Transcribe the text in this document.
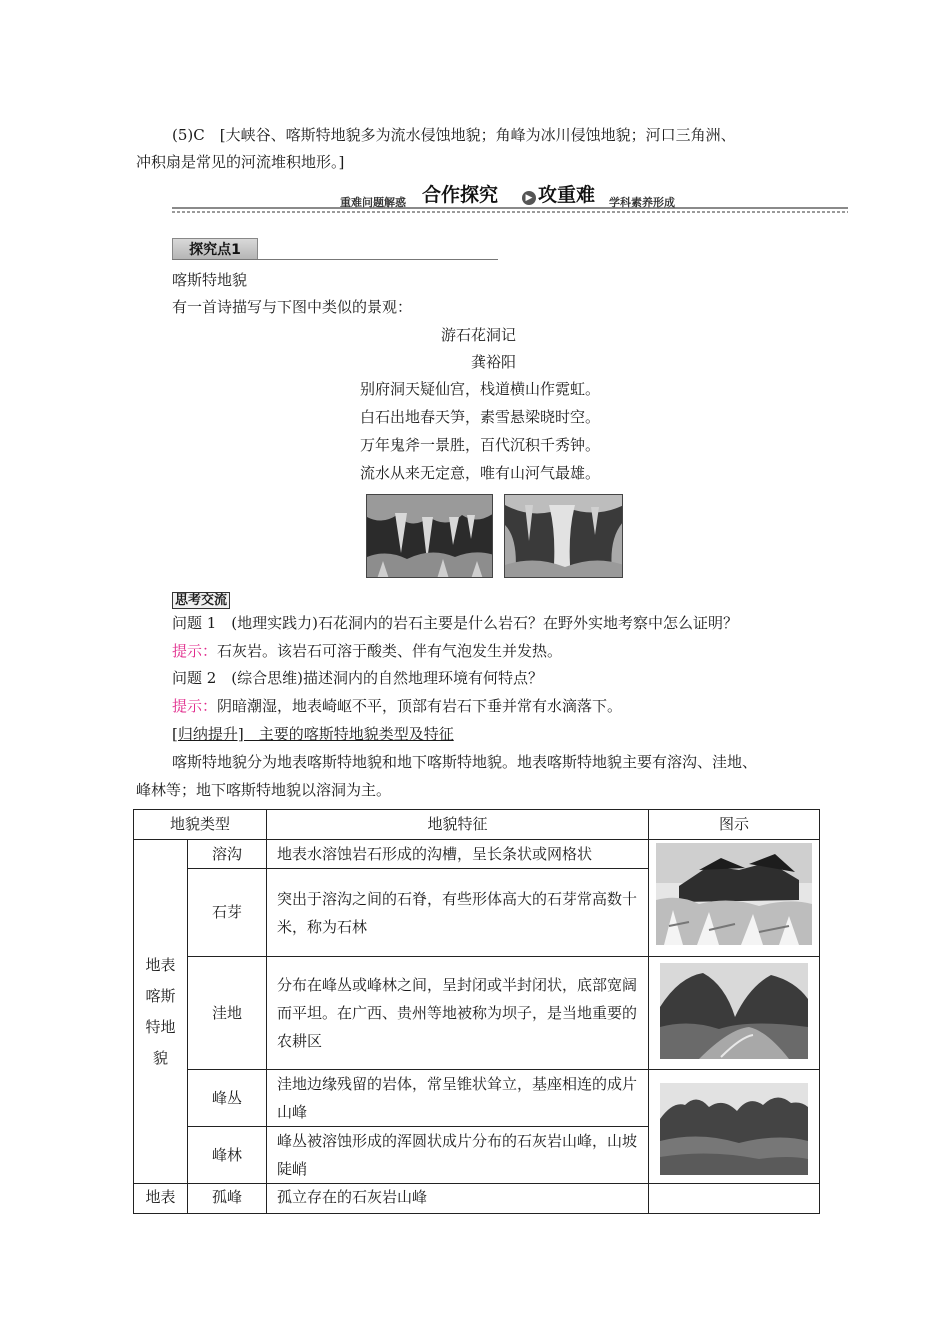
(5)C　[大峡谷、喀斯特地貌多为流水侵蚀地貌；角峰为冰川侵蚀地貌；河口三角洲、
冲积扇是常见的河流堆积地形。]
重难问题解惑 合作探究	▶ 攻重难 学科素养形成
探究点1
喀斯特地貌
有一首诗描写与下图中类似的景观：
游石花洞记
龚裕阳
别府洞天疑仙宫，栈道横山作霓虹。
白石出地春天笋，素雪悬梁晓时空。
万年鬼斧一景胜，百代沉积千秀钟。
流水从来无定意，唯有山河气最雄。
思考交流
问题 1　(地理实践力)石花洞内的岩石主要是什么岩石？在野外实地考察中怎么证明？
提示：石灰岩。该岩石可溶于酸类、伴有气泡发生并发热。
问题 2　(综合思维)描述洞内的自然地理环境有何特点？
提示：阴暗潮湿，地表崎岖不平，顶部有岩石下垂并常有水滴落下。
[归纳提升]　主要的喀斯特地貌类型及特征
喀斯特地貌分为地表喀斯特地貌和地下喀斯特地貌。地表喀斯特地貌主要有溶沟、洼地、
峰林等；地下喀斯特地貌以溶洞为主。
地貌类型		地貌特征	图示

地表
喀斯
特地
貌	溶沟	地表水溶蚀岩石形成的沟槽，呈长条状或网格状	

	石芽	突出于溶沟之间的石脊，有些形体高大的石芽常高数十米，称为石林	
	洼地	分布在峰丛或峰林之间，呈封闭或半封闭状，底部宽阔而平坦。在广西、贵州等地被称为坝子，是当地重要的农耕区	

	峰丛	洼地边缘残留的岩体，常呈锥状耸立，基座相连的成片山峰	

	峰林	峰丛被溶蚀形成的浑圆状成片分布的石灰岩山峰，山坡陡峭	
地表	孤峰	孤立存在的石灰岩山峰	
